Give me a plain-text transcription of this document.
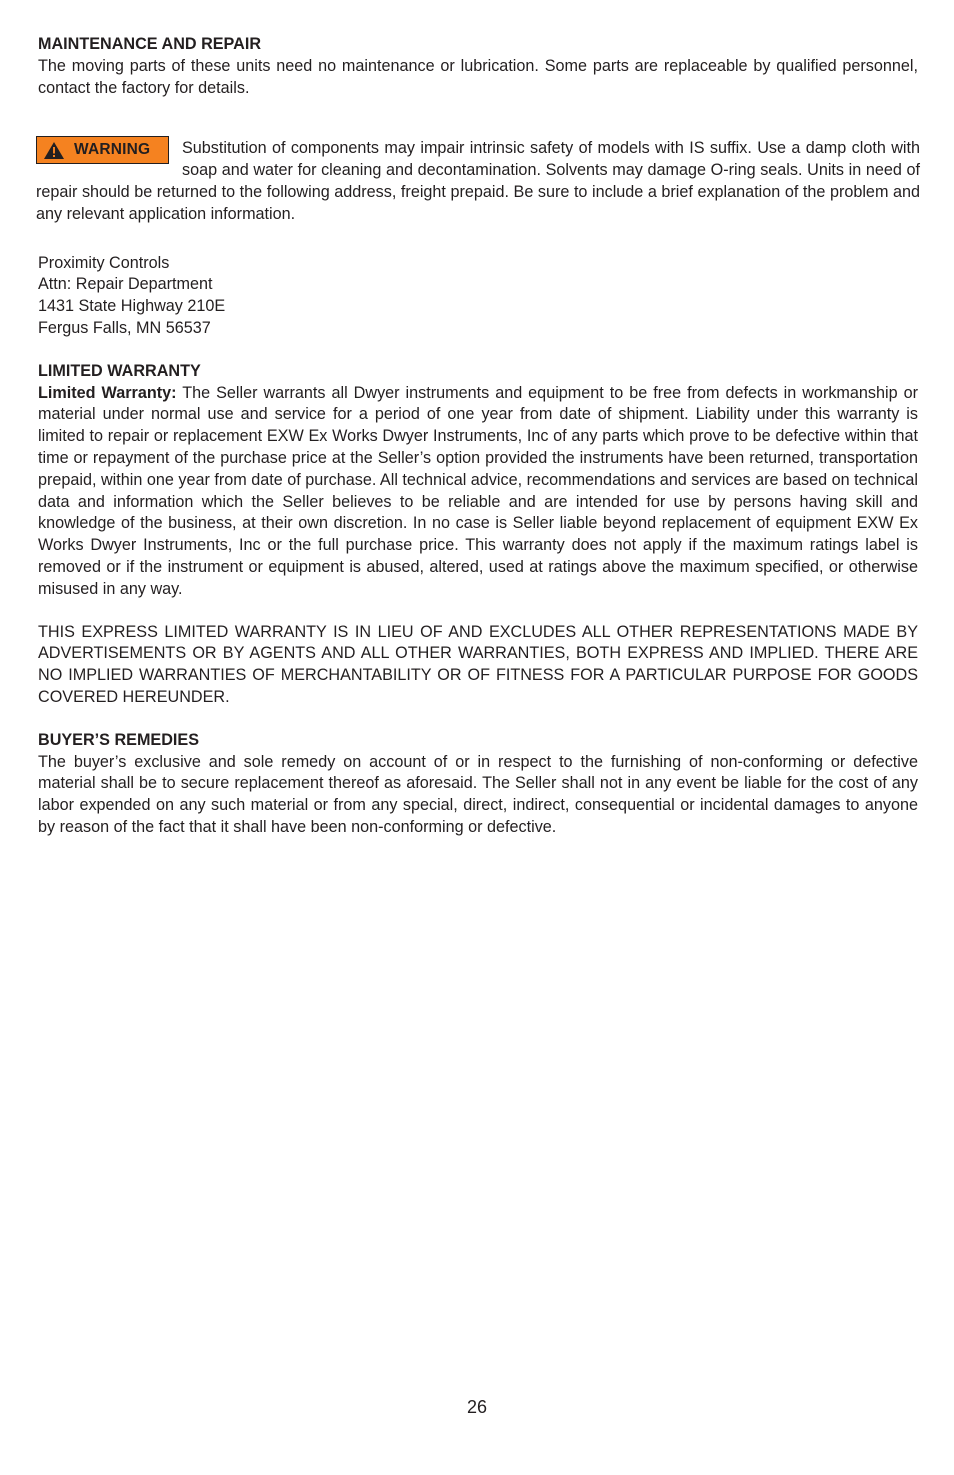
MAINTENANCE AND REPAIR

The moving parts of these units need no maintenance or lubrication. Some parts are replaceable by qualified personnel, contact the factory for details.

WARNING	Substitution of components may impair intrinsic safety of models with IS suffix. Use a damp cloth with soap and water for cleaning and decontamination. Solvents may damage O-ring seals. Units in need of repair should be returned to the following address, freight prepaid. Be sure to include a brief explanation of the problem and any relevant application information.
Proximity Controls
Attn: Repair Department
1431 State Highway 210E
Fergus Falls, MN 56537
LIMITED WARRANTY

Limited Warranty: The Seller warrants all Dwyer instruments and equipment to be free from defects in workmanship or material under normal use and service for a period of one year from date of shipment. Liability under this warranty is limited to repair or replacement EXW Ex Works Dwyer Instruments, Inc of any parts which prove to be defective within that time or repayment of the purchase price at the Seller’s option provided the instruments have been returned, transportation prepaid, within one year from date of purchase. All technical advice, recommendations and services are based on technical data and information which the Seller believes to be reliable and are intended for use by persons having skill and knowledge of the business, at their own discretion. In no case is Seller liable beyond replacement of equipment EXW Ex Works Dwyer Instruments, Inc or the full purchase price. This warranty does not apply if the maximum ratings label is removed or if the instrument or equipment is abused, altered, used at ratings above the maximum specified, or otherwise misused in any way.

THIS EXPRESS LIMITED WARRANTY IS IN LIEU OF AND EXCLUDES ALL OTHER REPRESENTATIONS MADE BY ADVERTISEMENTS OR BY AGENTS AND ALL OTHER WARRANTIES, BOTH EXPRESS AND IMPLIED. THERE ARE NO IMPLIED WARRANTIES OF MERCHANTABILITY OR OF FITNESS FOR A PARTICULAR PURPOSE FOR GOODS COVERED HEREUNDER.

BUYER’S REMEDIES

The buyer’s exclusive and sole remedy on account of or in respect to the furnishing of non-conforming or defective material shall be to secure replacement thereof as aforesaid. The Seller shall not in any event be liable for the cost of any labor expended on any such material or from any special, direct, indirect, consequential or incidental damages to anyone by reason of the fact that it shall have been non-conforming or defective.

26
